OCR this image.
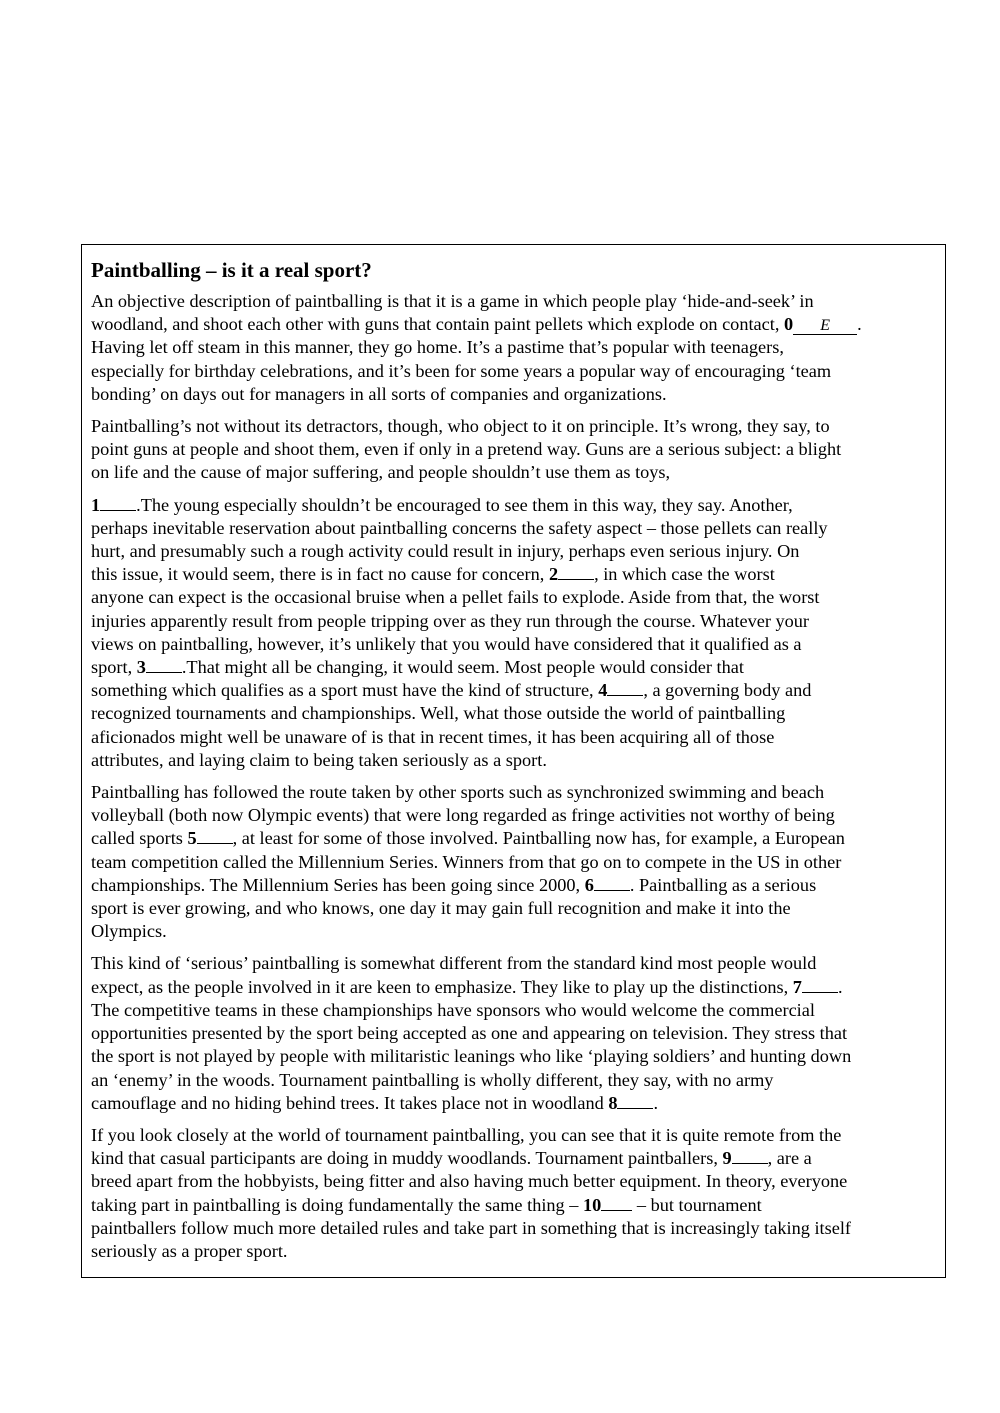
Paintballing – is it a real sport?

An objective description of paintballing is that it is a game in which people play ‘hide-and-seek’ in
woodland, and shoot each other with guns that contain paint pellets which explode on contact, 0 E .
Having let off steam in this manner, they go home. It’s a pastime that’s popular with teenagers,
especially for birthday celebrations, and it’s been for some years a popular way of encouraging ‘team
bonding’ on days out for managers in all sorts of companies and organizations.

Paintballing’s not without its detractors, though, who object to it on principle. It’s wrong, they say, to
point guns at people and shoot them, even if only in a pretend way. Guns are a serious subject: a blight
on life and the cause of major suffering, and people shouldn’t use them as toys,

1 .The young especially shouldn’t be encouraged to see them in this way, they say. Another,
perhaps inevitable reservation about paintballing concerns the safety aspect – those pellets can really
hurt, and presumably such a rough activity could result in injury, perhaps even serious injury. On
this issue, it would seem, there is in fact no cause for concern, 2 , in which case the worst
anyone can expect is the occasional bruise when a pellet fails to explode. Aside from that, the worst
injuries apparently result from people tripping over as they run through the course. Whatever your
views on paintballing, however, it’s unlikely that you would have considered that it qualified as a
sport, 3 .That might all be changing, it would seem. Most people would consider that
something which qualifies as a sport must have the kind of structure, 4 , a governing body and
recognized tournaments and championships. Well, what those outside the world of paintballing
aficionados might well be unaware of is that in recent times, it has been acquiring all of those
attributes, and laying claim to being taken seriously as a sport.

Paintballing has followed the route taken by other sports such as synchronized swimming and beach
volleyball (both now Olympic events) that were long regarded as fringe activities not worthy of being
called sports 5 , at least for some of those involved. Paintballing now has, for example, a European
team competition called the Millennium Series. Winners from that go on to compete in the US in other
championships. The Millennium Series has been going since 2000, 6 . Paintballing as a serious
sport is ever growing, and who knows, one day it may gain full recognition and make it into the
Olympics.

This kind of ‘serious’ paintballing is somewhat different from the standard kind most people would
expect, as the people involved in it are keen to emphasize. They like to play up the distinctions, 7 .
The competitive teams in these championships have sponsors who would welcome the commercial
opportunities presented by the sport being accepted as one and appearing on television. They stress that
the sport is not played by people with militaristic leanings who like ‘playing soldiers’ and hunting down
an ‘enemy’ in the woods. Tournament paintballing is wholly different, they say, with no army
camouflage and no hiding behind trees. It takes place not in woodland 8 .

If you look closely at the world of tournament paintballing, you can see that it is quite remote from the
kind that casual participants are doing in muddy woodlands. Tournament paintballers, 9 , are a
breed apart from the hobbyists, being fitter and also having much better equipment. In theory, everyone
taking part in paintballing is doing fundamentally the same thing – 10 – but tournament
paintballers follow much more detailed rules and take part in something that is increasingly taking itself
seriously as a proper sport.
